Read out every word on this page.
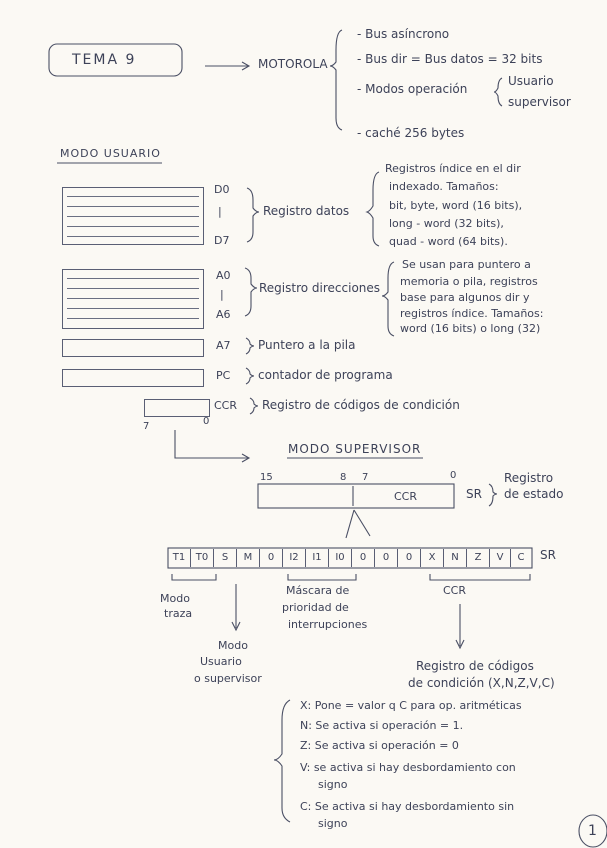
TEMA 9	MOTOROLA
- Bus asíncrono
- Bus dir = Bus datos = 32 bits
- Modos operación
Usuario
supervisor
- caché 256 bytes
MODO USUARIO
D0
|
D7
Registro datos
Registros índice en el dir
indexado. Tamaños:
bit, byte, word (16 bits),
long - word (32 bits),
quad - word (64 bits).
A0
|
A6
Registro direcciones
Se usan para puntero a
memoria o pila, registros
base para algunos dir y
registros índice. Tamaños:
word (16 bits) o long (32)
A7 Puntero a la pila
PC contador de programa
CCR Registro de códigos de condición
7	0
MODO SUPERVISOR
15	8 7	0
CCR	SR
Registro
de estado
T1	T0	S	M	0	I2	I1	I0	0	0	0	X	N	Z	V	C	SR
Modo
traza
Modo
Usuario
o supervisor
Máscara de
prioridad de
interrupciones
CCR
Registro de códigos
de condición (X,N,Z,V,C)
X: Pone = valor q C para op. aritméticas
N: Se activa si operación = 1.
Z: Se activa si operación = 0
V: se activa si hay desbordamiento con
signo
C: Se activa si hay desbordamiento sin
signo	1
